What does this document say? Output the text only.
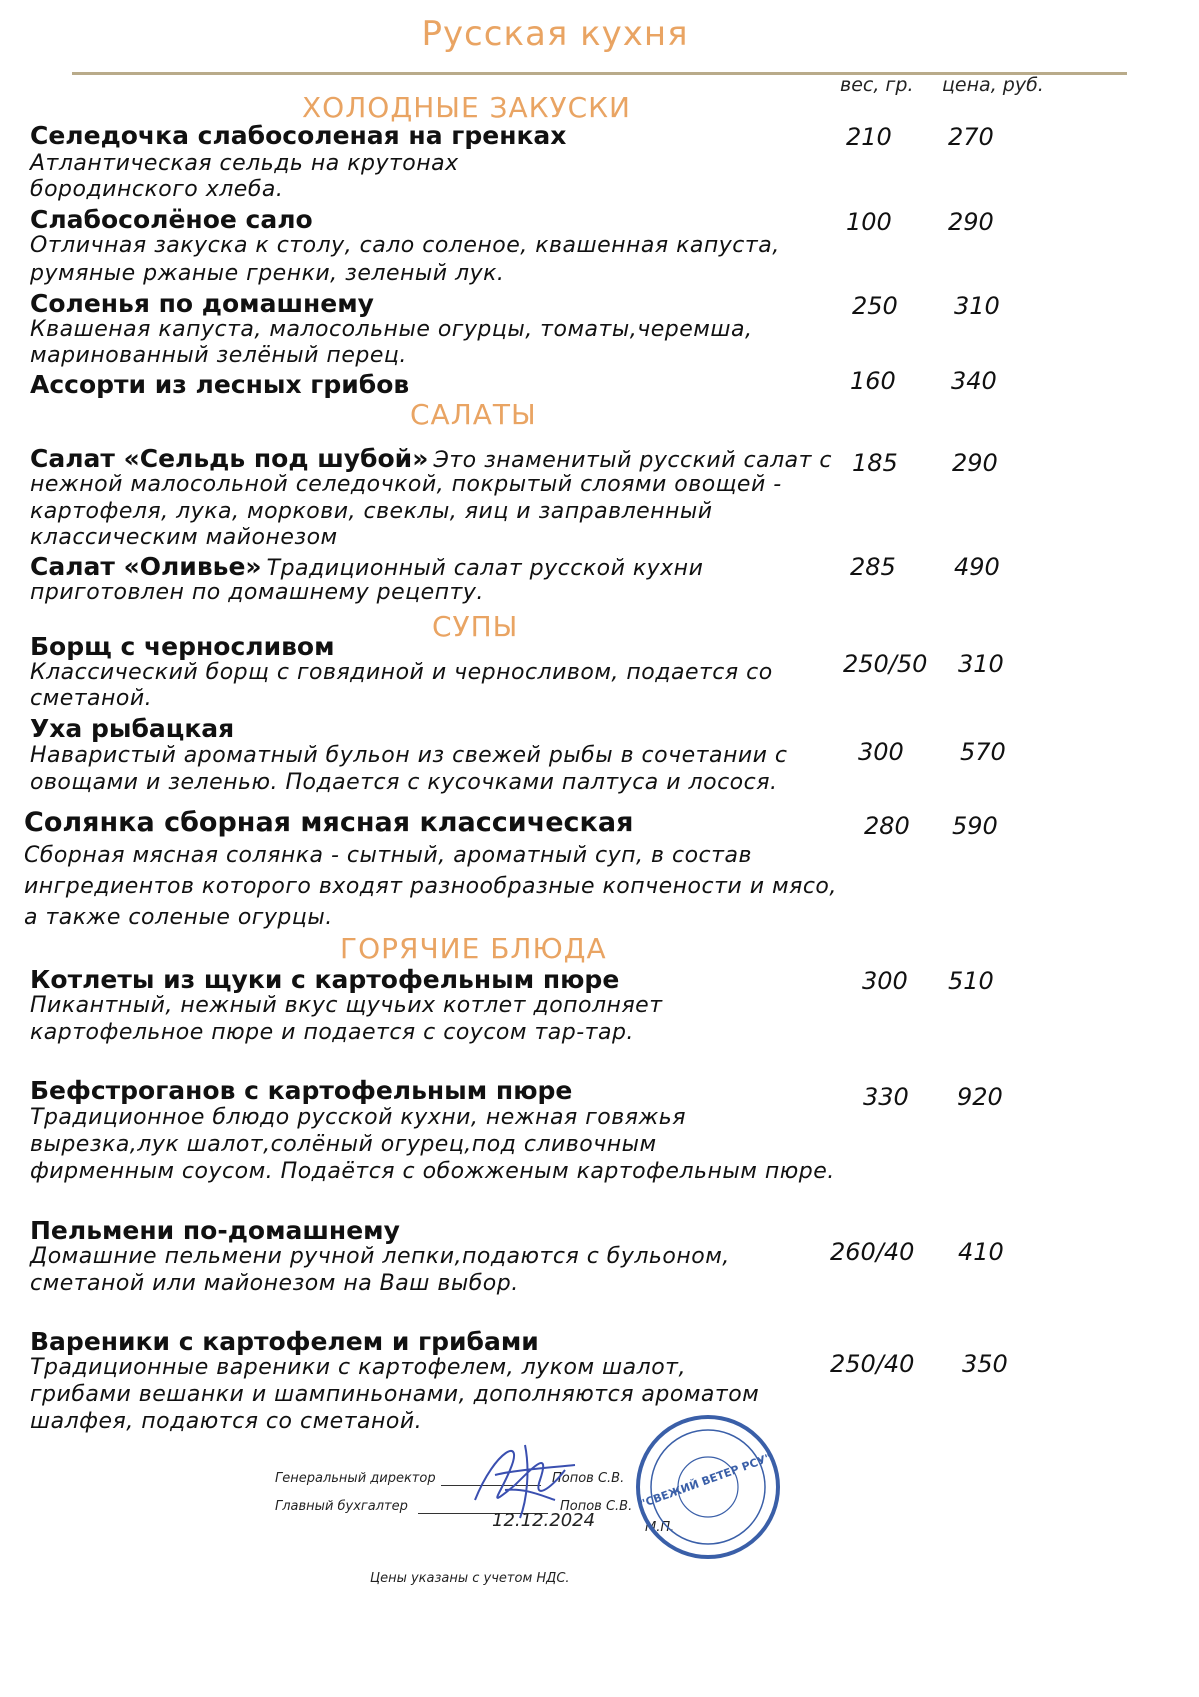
Русская кухня
вес, гр. цена, руб.
ХОЛОДНЫЕ ЗАКУСКИ
Селедочка слабосоленая на гренках
Атлантическая сельдь на крутонах
бородинского хлеба.
210 270
Слабосолёное сало
Отличная закуска к столу, сало соленое, квашенная капуста,
румяные ржаные гренки, зеленый лук.
100 290
Соленья по домашнему
Квашеная капуста, малосольные огурцы, томаты,черемша,
маринованный зелёный перец.
250 310
Ассорти из лесных грибов	160 340
САЛАТЫ
Салат «Сельдь под шубой» Это знаменитый русский салат с
нежной малосольной селедочкой, покрытый слоями овощей -
картофеля, лука, моркови, свеклы, яиц и заправленный
классическим майонезом
185 290
Салат «Оливье» Традиционный салат русской кухни
приготовлен по домашнему рецепту.
285 490
СУПЫ
Борщ с черносливом
Классический борщ с говядиной и черносливом, подается со
сметаной.
250/50 310
Уха рыбацкая
Наваристый ароматный бульон из свежей рыбы в сочетании с
овощами и зеленью. Подается с кусочками палтуса и лосося.
300 570
Солянка сборная мясная классическая
Сборная мясная солянка - сытный, ароматный суп, в состав
ингредиентов которого входят разнообразные копчености и мясо,
а также соленые огурцы.
280 590
ГОРЯЧИЕ БЛЮДА
Котлеты из щуки с картофельным пюре
Пикантный, нежный вкус щучьих котлет дополняет
картофельное пюре и подается с соусом тар-тар.
300 510
Бефстроганов с картофельным пюре
Традиционное блюдо русской кухни, нежная говяжья
вырезка,лук шалот,солёный огурец,под сливочным
фирменным соусом. Подаётся с обожженым картофельным пюре.
330 920
Пельмени по-домашнему
Домашние пельмени ручной лепки,подаются с бульоном,
сметаной или майонезом на Ваш выбор.
260/40 410
Вареники с картофелем и грибами
Традиционные вареники с картофелем, луком шалот,
грибами вешанки и шампиньонами, дополняются ароматом
шалфея, подаются со сметаной.
250/40 350
Генеральный директор	Попов С.В.
Главный бухгалтер	Попов С.В.
12.12.2024	М.П.
Цены указаны с учетом НДС.
"СВЕЖИЙ ВЕТЕР РСУ"
